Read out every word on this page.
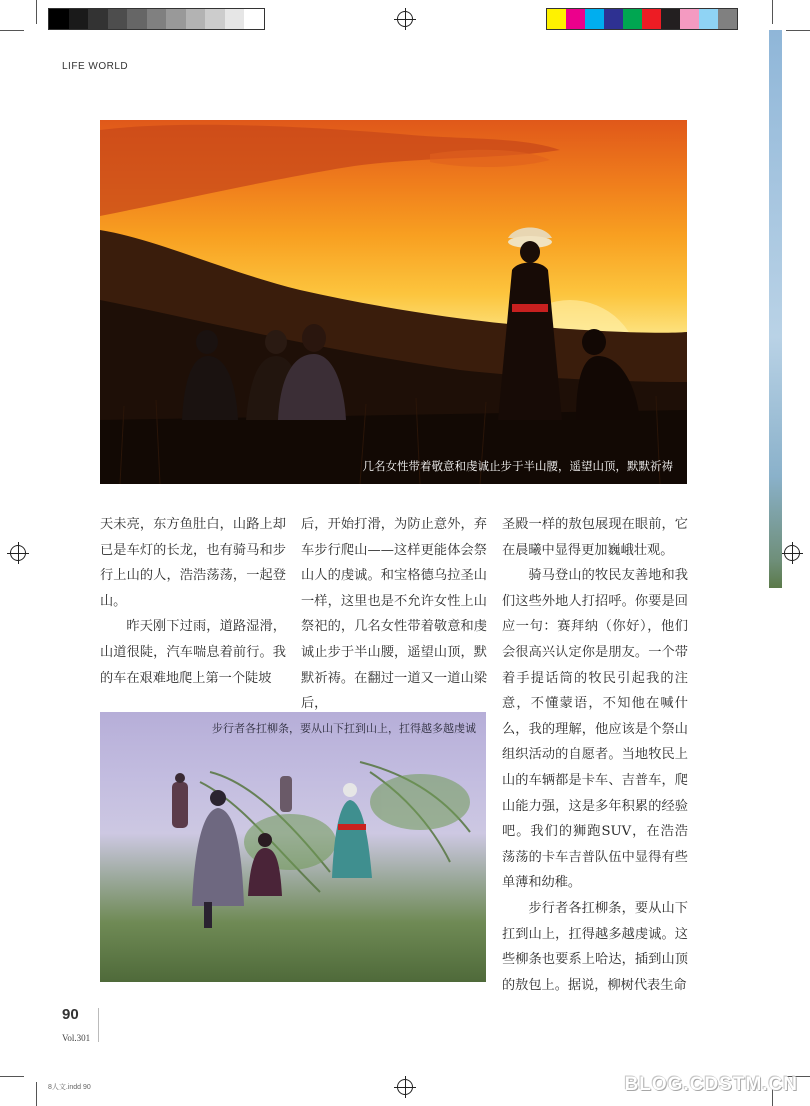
LIFE WORLD
几名女性带着敬意和虔诚止步于半山腰，遥望山顶，默默祈祷

天未亮，东方鱼肚白，山路上却已是车灯的长龙，也有骑马和步行上山的人，浩浩荡荡，一起登山。

昨天刚下过雨，道路湿滑，山道很陡，汽车喘息着前行。我的车在艰难地爬上第一个陡坡

后，开始打滑，为防止意外，弃车步行爬山——这样更能体会祭山人的虔诚。和宝格德乌拉圣山一样，这里也是不允许女性上山祭祀的，几名女性带着敬意和虔诚止步于半山腰，遥望山顶，默默祈祷。在翻过一道又一道山梁后，

圣殿一样的敖包展现在眼前，它在晨曦中显得更加巍峨壮观。

骑马登山的牧民友善地和我们这些外地人打招呼。你要是回应一句：赛拜纳（你好），他们会很高兴认定你是朋友。一个带着手提话筒的牧民引起我的注意，不懂蒙语，不知他在喊什么，我的理解，他应该是个祭山组织活动的自愿者。当地牧民上山的车辆都是卡车、吉普车，爬山能力强，这是多年积累的经验吧。我们的狮跑SUV，在浩浩荡荡的卡车吉普队伍中显得有些单薄和幼稚。

步行者各扛柳条，要从山下扛到山上，扛得越多越虔诚。这些柳条也要系上哈达，插到山顶的敖包上。据说，柳树代表生命

步行者各扛柳条，要从山下扛到山上，扛得越多越虔诚
90
Vol.301
8人文.indd 90	BLOG.CDSTM.CN
